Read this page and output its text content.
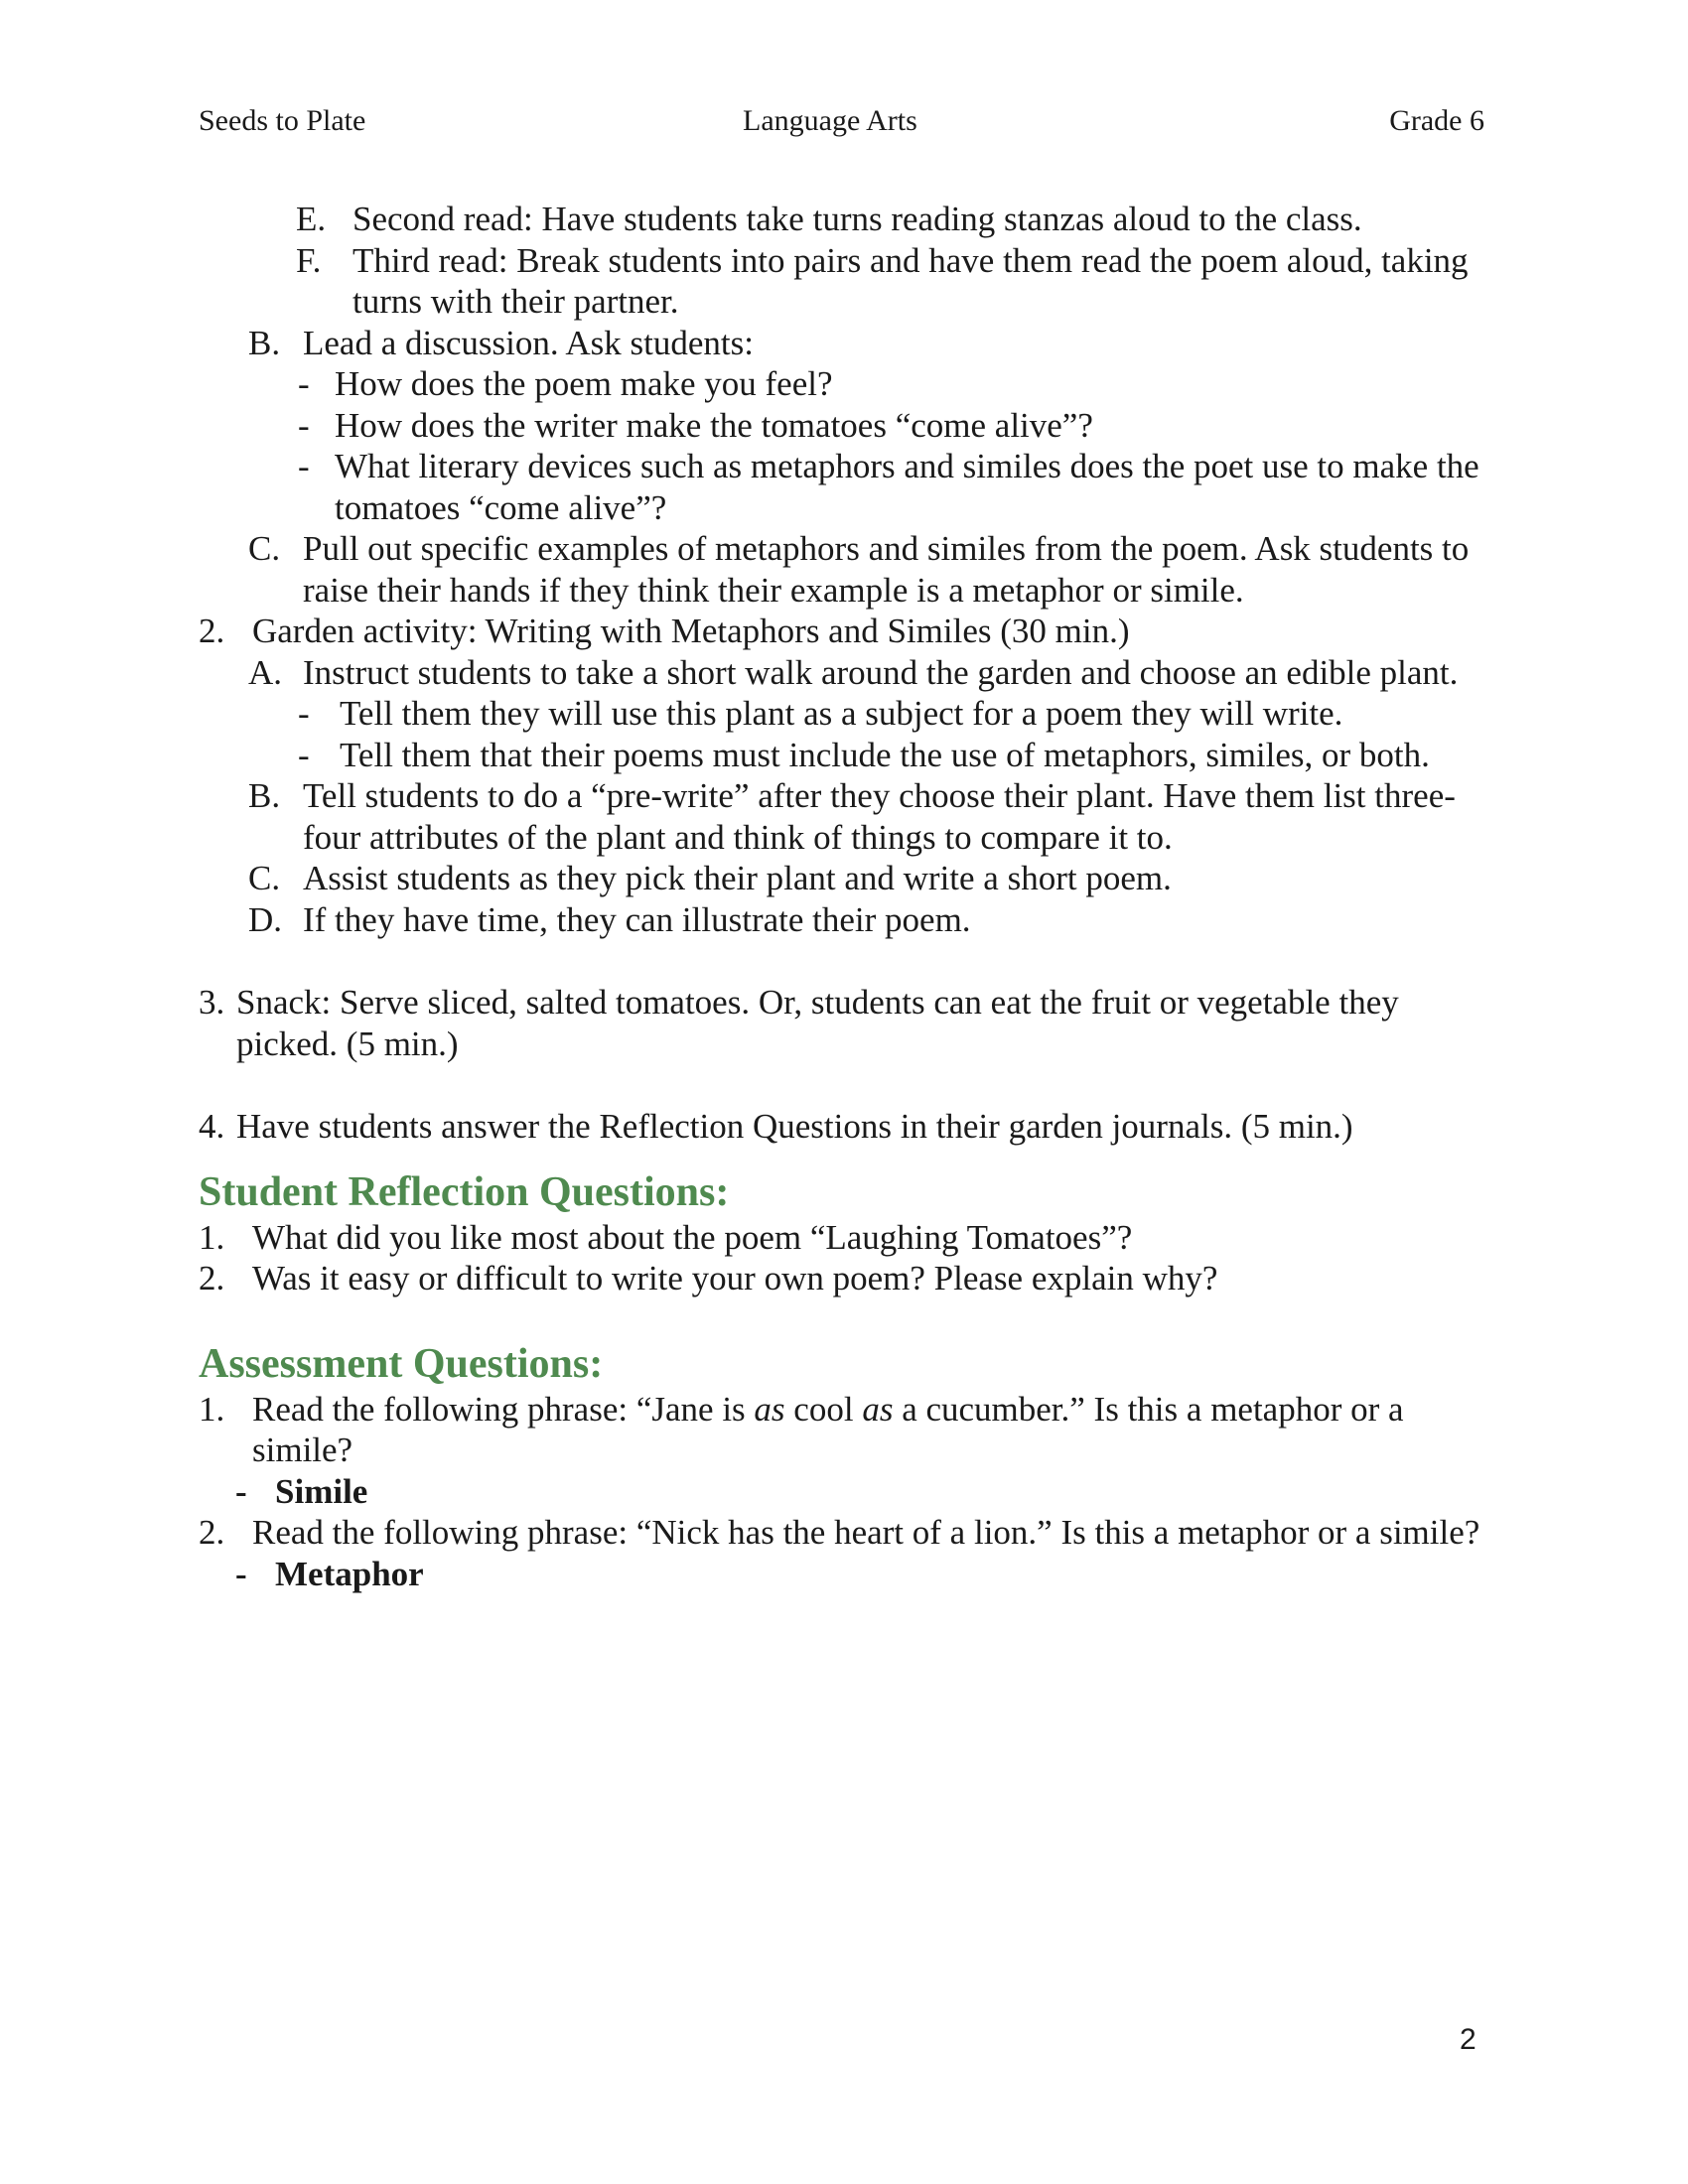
Seeds to Plate	Language Arts	Grade 6
E. Second read: Have students take turns reading stanzas aloud to the class.
F. Third read: Break students into pairs and have them read the poem aloud, taking turns with their partner.
B. Lead a discussion. Ask students:
- How does the poem make you feel?
- How does the writer make the tomatoes “come alive”?
- What literary devices such as metaphors and similes does the poet use to make the tomatoes “come alive”?
C. Pull out specific examples of metaphors and similes from the poem. Ask students to raise their hands if they think their example is a metaphor or simile.
2. Garden activity: Writing with Metaphors and Similes (30 min.)
A. Instruct students to take a short walk around the garden and choose an edible plant.
- Tell them they will use this plant as a subject for a poem they will write.
- Tell them that their poems must include the use of metaphors, similes, or both.
B. Tell students to do a “pre-write” after they choose their plant. Have them list three-four attributes of the plant and think of things to compare it to.
C. Assist students as they pick their plant and write a short poem.
D. If they have time, they can illustrate their poem.
3. Snack: Serve sliced, salted tomatoes. Or, students can eat the fruit or vegetable they picked. (5 min.)
4. Have students answer the Reflection Questions in their garden journals. (5 min.)
Student Reflection Questions:
1. What did you like most about the poem “Laughing Tomatoes”?
2. Was it easy or difficult to write your own poem? Please explain why?
Assessment Questions:
1. Read the following phrase: “Jane is as cool as a cucumber.” Is this a metaphor or a simile?
- Simile
2. Read the following phrase: “Nick has the heart of a lion.” Is this a metaphor or a simile?
- Metaphor
2
